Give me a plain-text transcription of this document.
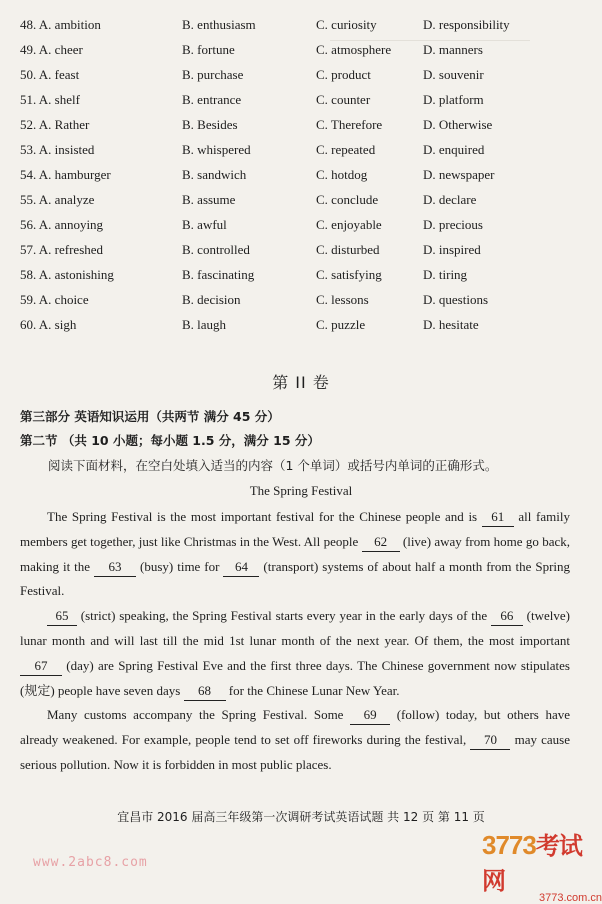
48. A. ambition	B. enthusiasm	C. curiosity	D. responsibility
49. A. cheer	B. fortune	C. atmosphere D. manners
50. A. feast	B. purchase	C. product	D. souvenir
51. A. shelf	B. entrance	C. counter	D. platform
52. A. Rather	B. Besides	C. Therefore	D. Otherwise
53. A. insisted	B. whispered	C. repeated	D. enquired
54. A. hamburger	B. sandwich	C. hotdog	D. newspaper
55. A. analyze	B. assume	C. conclude	D. declare
56. A. annoying	B. awful	C. enjoyable	D. precious
57. A. refreshed	B. controlled	C. disturbed	D. inspired
58. A. astonishing	B. fascinating	C. satisfying	D. tiring
59. A. choice	B. decision	C. lessons	D. questions
60. A. sigh	B. laugh	C. puzzle	D. hesitate
第 II 卷
第三部分 英语知识运用（共两节 满分 45 分）
第二节 （共 10 小题；每小题 1.5 分，满分 15 分）
阅读下面材料，在空白处填入适当的内容（1 个单词）或括号内单词的正确形式。
The Spring Festival

The Spring Festival is the most important festival for the Chinese people and is 61 all family members get together, just like Christmas in the West. All people 62 (live) away from home go back, making it the 63 (busy) time for 64 (transport) systems of about half a month from the Spring Festival.

65 (strict) speaking, the Spring Festival starts every year in the early days of the 66 (twelve) lunar month and will last till the mid 1st lunar month of the next year. Of them, the most important 67 (day) are Spring Festival Eve and the first three days. The Chinese government now stipulates (规定) people have seven days 68 for the Chinese Lunar New Year.

Many customs accompany the Spring Festival. Some 69 (follow) today, but others have already weakened. For example, people tend to set off fireworks during the festival, 70 may cause serious pollution. Now it is forbidden in most public places.

宜昌市 2016 届高三年级第一次调研考试英语试题 共 12 页 第 11 页
www.2abc8.com
3773考试网
3773.com.cn
